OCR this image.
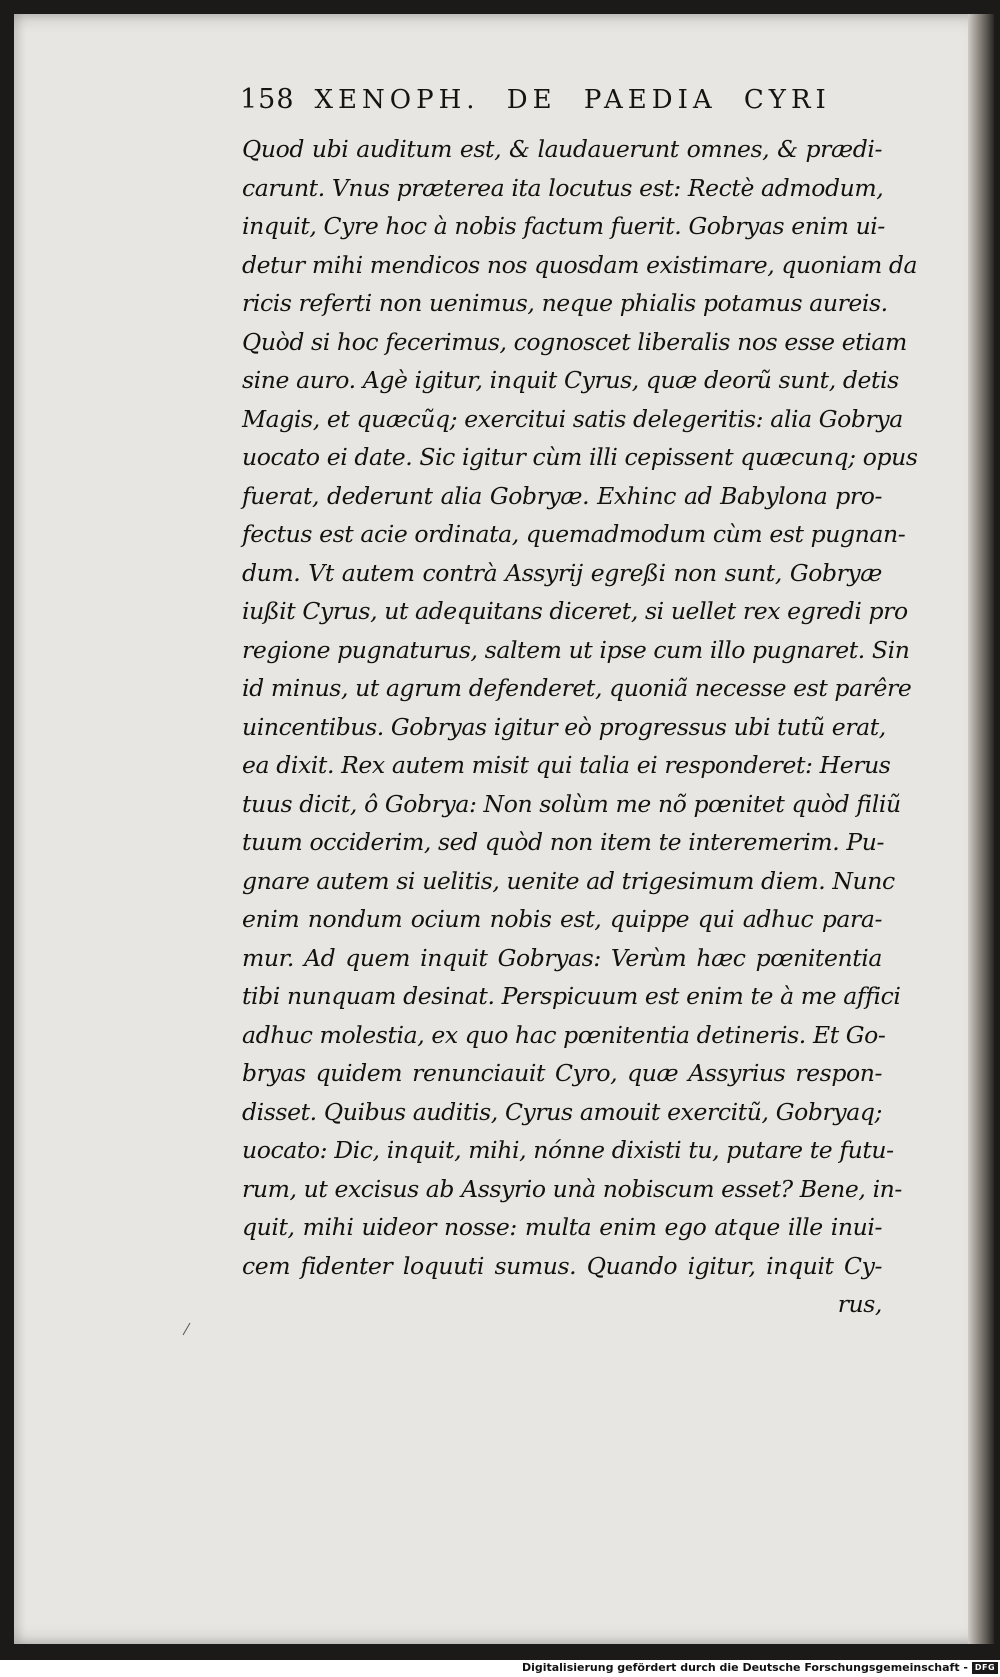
158 XENOPH. DE PAEDIA CYRI
Quod ubi auditum est, & laudauerunt omnes, & prædi-
carunt. Vnus præterea ita locutus est: Rectè admodum,
inquit, Cyre hoc à nobis factum fuerit. Gobryas enim ui-
detur mihi mendicos nos quosdam existimare, quoniam da
ricis referti non uenimus, neque phialis potamus aureis.
Quòd si hoc fecerimus, cognoscet liberalis nos esse etiam
sine auro. Agè igitur, inquit Cyrus, quæ deorũ sunt, detis
Magis, et quæcũq; exercitui satis delegeritis: alia Gobrya
uocato ei date. Sic igitur cùm illi cepissent quæcunq; opus
fuerat, dederunt alia Gobryæ. Exhinc ad Babylona pro-
fectus est acie ordinata, quemadmodum cùm est pugnan-
dum. Vt autem contrà Assyrij egreßi non sunt, Gobryæ
iußit Cyrus, ut adequitans diceret, si uellet rex egredi pro
regione pugnaturus, saltem ut ipse cum illo pugnaret. Sin
id minus, ut agrum defenderet, quoniã necesse est parêre
uincentibus. Gobryas igitur eò progressus ubi tutũ erat,
ea dixit. Rex autem misit qui talia ei responderet: Herus
tuus dicit, ô Gobrya: Non solùm me nõ pœnitet quòd filiũ
tuum occiderim, sed quòd non item te interemerim. Pu-
gnare autem si uelitis, uenite ad trigesimum diem. Nunc
enim nondum ocium nobis est, quippe qui adhuc para-
mur. Ad quem inquit Gobryas: Verùm hæc pœnitentia
tibi nunquam desinat. Perspicuum est enim te à me affici
adhuc molestia, ex quo hac pœnitentia detineris. Et Go-
bryas quidem renunciauit Cyro, quæ Assyrius respon-
disset. Quibus auditis, Cyrus amouit exercitũ, Gobryaq;
uocato: Dic, inquit, mihi, nónne dixisti tu, putare te futu-
rum, ut excisus ab Assyrio unà nobiscum esset? Bene, in-
quit, mihi uideor nosse: multa enim ego atque ille inui-
cem fidenter loquuti sumus. Quando igitur, inquit Cy-
rus,
Digitalisierung gefördert durch die Deutsche Forschungsgemeinschaft - DFG
